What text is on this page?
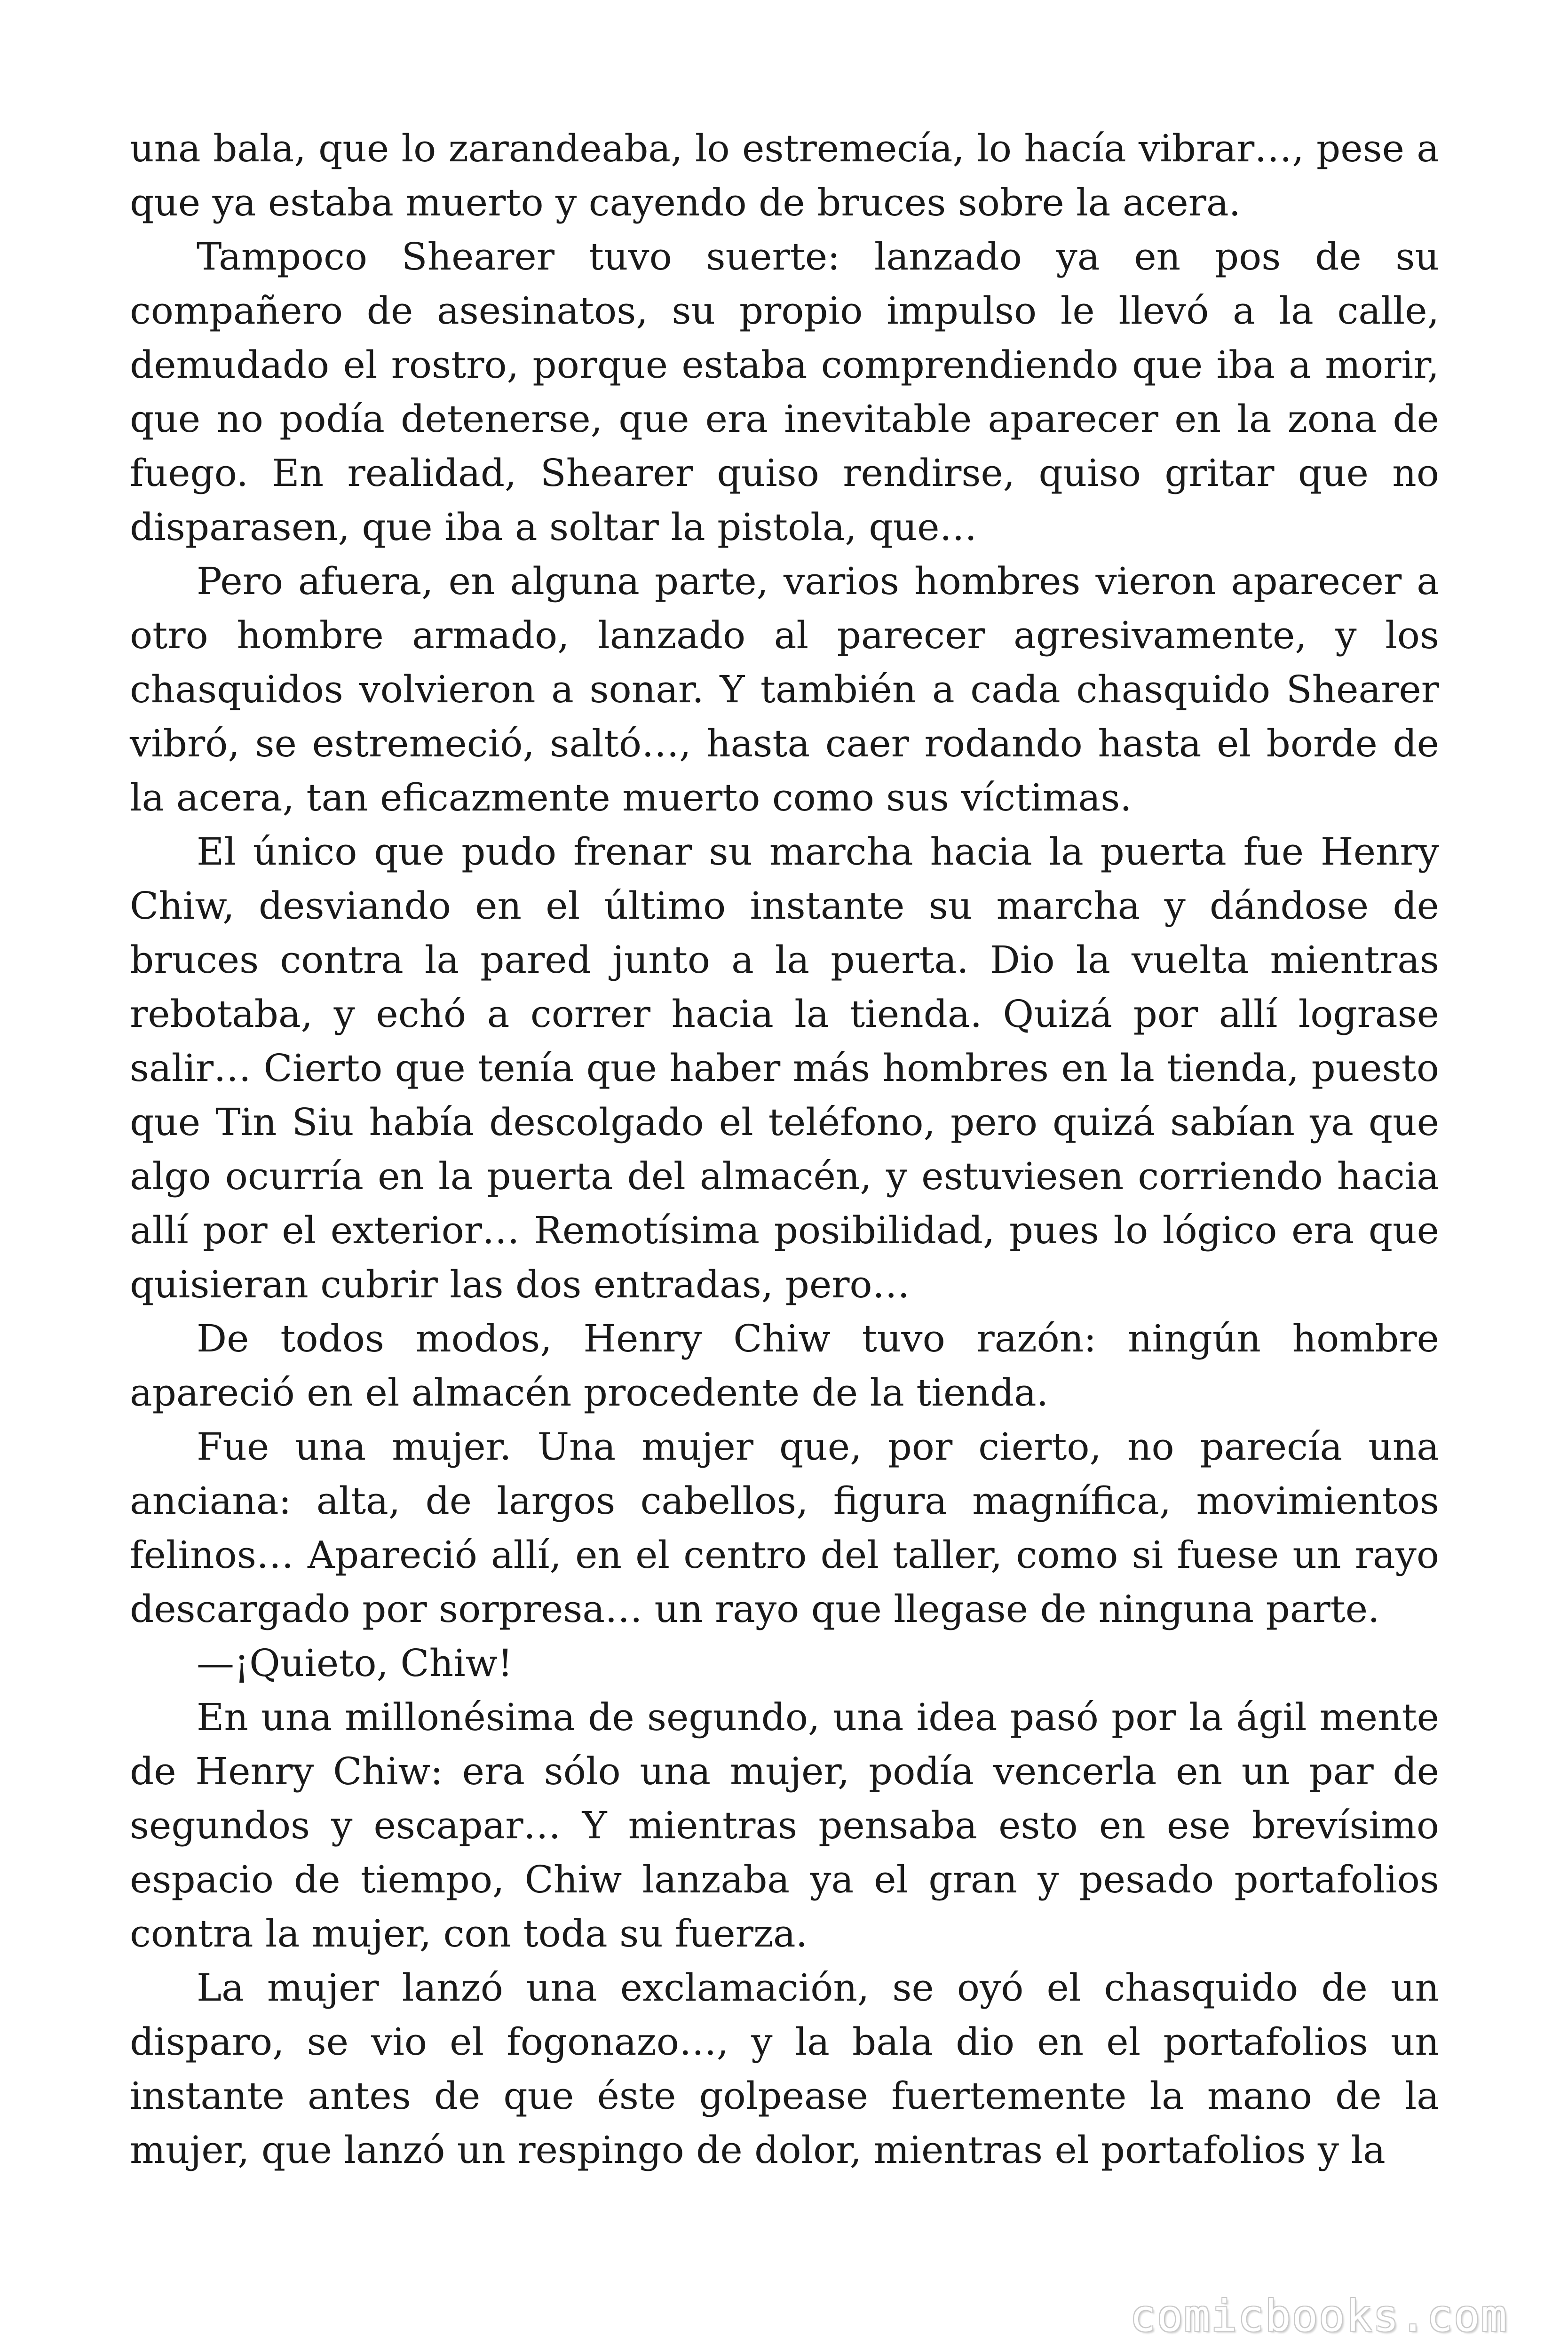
una bala, que lo zarandeaba, lo estremecía, lo hacía vibrar…, pese a que ya estaba muerto y cayendo de bruces sobre la acera.

Tampoco Shearer tuvo suerte: lanzado ya en pos de su compañero de asesinatos, su propio impulso le llevó a la calle, demudado el rostro, porque estaba comprendiendo que iba a morir, que no podía detenerse, que era inevitable aparecer en la zona de fuego. En realidad, Shearer quiso rendirse, quiso gritar que no disparasen, que iba a soltar la pistola, que…

Pero afuera, en alguna parte, varios hombres vieron aparecer a otro hombre armado, lanzado al parecer agresivamente, y los chasquidos volvieron a sonar. Y también a cada chasquido Shearer vibró, se estremeció, saltó…, hasta caer rodando hasta el borde de la acera, tan eficazmente muerto como sus víctimas.

El único que pudo frenar su marcha hacia la puerta fue Henry Chiw, desviando en el último instante su marcha y dándose de bruces contra la pared junto a la puerta. Dio la vuelta mientras rebotaba, y echó a correr hacia la tienda. Quizá por allí lograse salir… Cierto que tenía que haber más hombres en la tienda, puesto que Tin Siu había descolgado el teléfono, pero quizá sabían ya que algo ocurría en la puerta del almacén, y estuviesen corriendo hacia allí por el exterior… Remotísima posibilidad, pues lo lógico era que quisieran cubrir las dos entradas, pero…

De todos modos, Henry Chiw tuvo razón: ningún hombre apareció en el almacén procedente de la tienda.

Fue una mujer. Una mujer que, por cierto, no parecía una anciana: alta, de largos cabellos, figura magnífica, movimientos felinos… Apareció allí, en el centro del taller, como si fuese un rayo descargado por sorpresa… un rayo que llegase de ninguna parte.

—¡Quieto, Chiw!

En una millonésima de segundo, una idea pasó por la ágil mente de Henry Chiw: era sólo una mujer, podía vencerla en un par de segundos y escapar… Y mientras pensaba esto en ese brevísimo espacio de tiempo, Chiw lanzaba ya el gran y pesado portafolios contra la mujer, con toda su fuerza.

La mujer lanzó una exclamación, se oyó el chasquido de un disparo, se vio el fogonazo…, y la bala dio en el portafolios un instante antes de que éste golpease fuertemente la mano de la mujer, que lanzó un respingo de dolor, mientras el portafolios y la

comicbooks.com
